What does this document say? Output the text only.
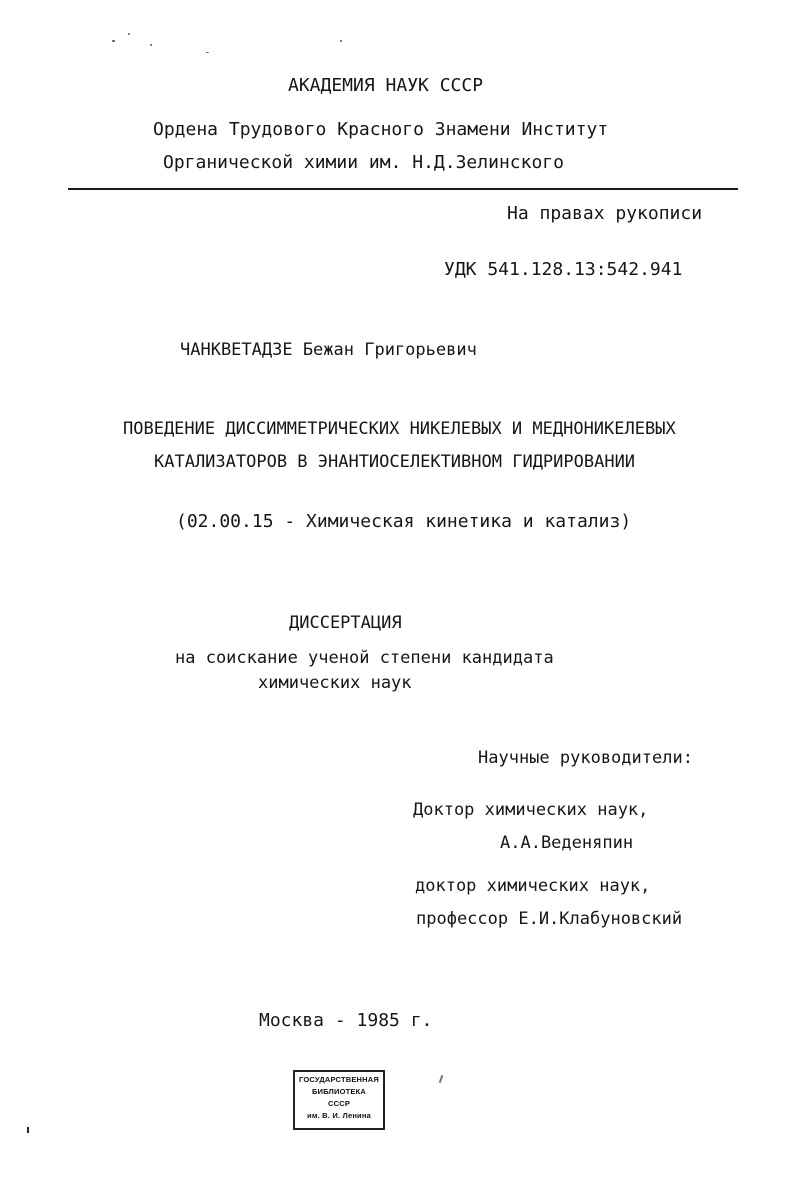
АКАДЕМИЯ НАУК СССР
Ордена Трудового Красного Знамени Институт
Органической химии им. Н.Д.Зелинского
На правах рукописи
УДК 541.128.13:542.941
ЧАНКВЕТАДЗЕ Бежан Григорьевич
ПОВЕДЕНИЕ ДИССИММЕТРИЧЕСКИХ НИКЕЛЕВЫХ И МЕДНОНИКЕЛЕВЫХ
КАТАЛИЗАТОРОВ В ЭНАНТИОСЕЛЕКТИВНОМ ГИДРИРОВАНИИ
(02.00.15 - Химическая кинетика и катализ)
ДИССЕРТАЦИЯ
на соискание ученой степени кандидата
химических наук
Научные руководители:
Доктор химических наук,
А.А.Веденяпин
доктор химических наук,
профессор Е.И.Клабуновский
Москва - 1985 г.
ГОСУДАРСТВЕННАЯ
БИБЛИОТЕКА
СССР
им. В. И. Ленина
